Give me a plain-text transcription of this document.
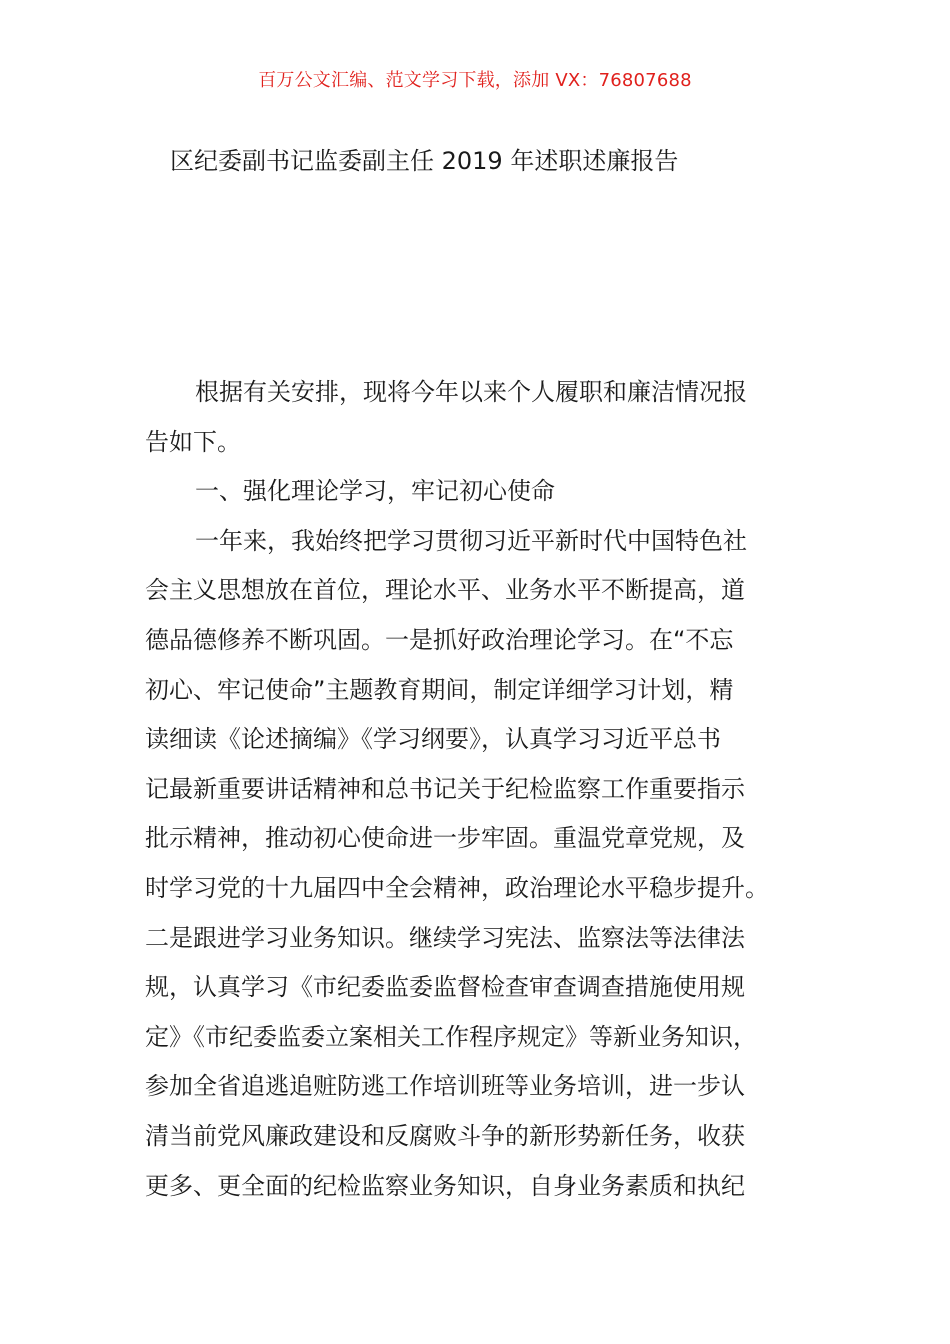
百万公文汇编、范文学习下载，添加 VX：76807688
区纪委副书记监委副主任 2019 年述职述廉报告
根据有关安排，现将今年以来个人履职和廉洁情况报
告如下。
一、强化理论学习，牢记初心使命
一年来，我始终把学习贯彻习近平新时代中国特色社
会主义思想放在首位，理论水平、业务水平不断提高，道
德品德修养不断巩固。一是抓好政治理论学习。在“不忘
初心、牢记使命”主题教育期间，制定详细学习计划，精
读细读《论述摘编》《学习纲要》，认真学习习近平总书
记最新重要讲话精神和总书记关于纪检监察工作重要指示
批示精神，推动初心使命进一步牢固。重温党章党规，及
时学习党的十九届四中全会精神，政治理论水平稳步提升。
二是跟进学习业务知识。继续学习宪法、监察法等法律法
规，认真学习《市纪委监委监督检查审查调查措施使用规
定》《市纪委监委立案相关工作程序规定》等新业务知识，
参加全省追逃追赃防逃工作培训班等业务培训，进一步认
清当前党风廉政建设和反腐败斗争的新形势新任务，收获
更多、更全面的纪检监察业务知识，自身业务素质和执纪
